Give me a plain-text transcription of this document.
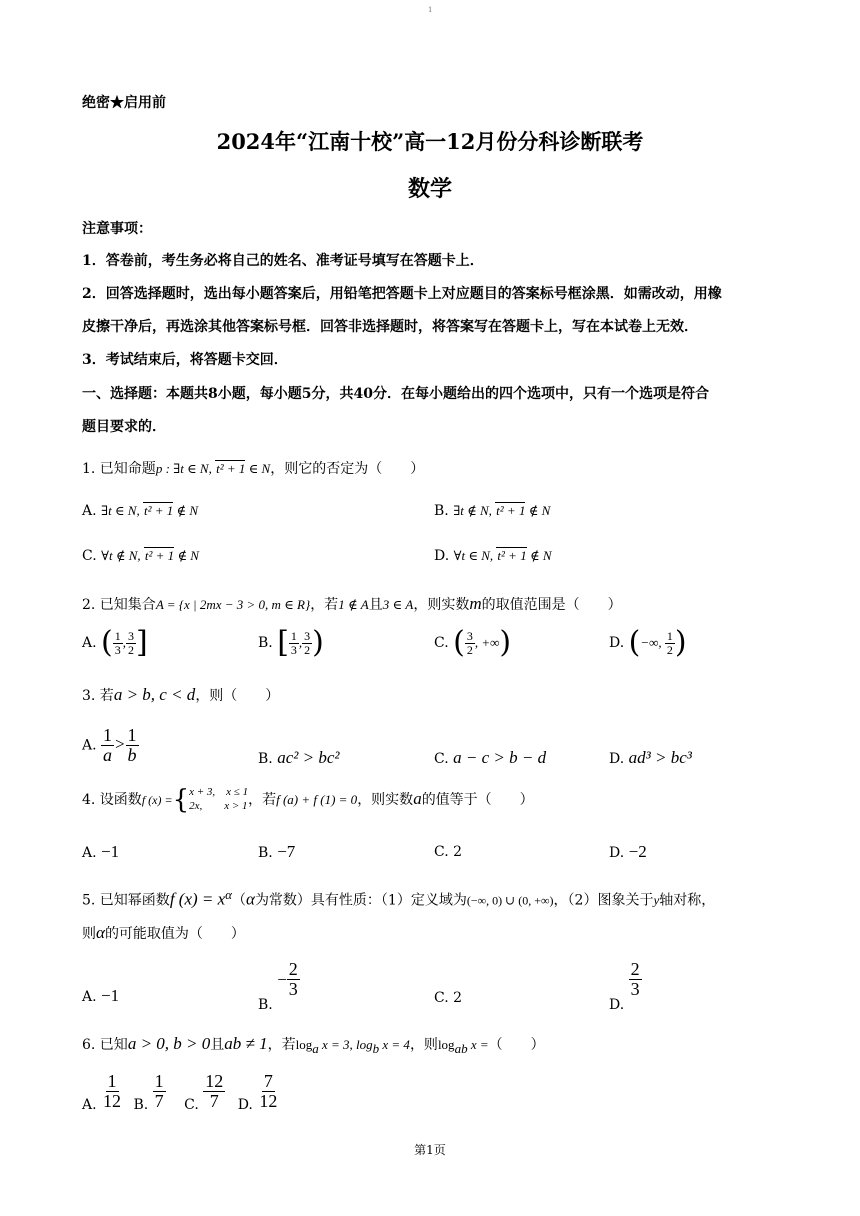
1
绝密★启用前
2024年“江南十校”高一12月份分科诊断联考
数学
注意事项：
1．答卷前，考生务必将自己的姓名、准考证号填写在答题卡上．
2．回答选择题时，选出每小题答案后，用铅笔把答题卡上对应题目的答案标号框涂黑．如需改动，用橡
皮擦干净后，再选涂其他答案标号框．回答非选择题时，将答案写在答题卡上，写在本试卷上无效．
3．考试结束后，将答题卡交回．
一、选择题：本题共8小题，每小题5分，共40分．在每小题给出的四个选项中，只有一个选项是符合
题目要求的．
1. 已知命题p : ∃t ∈ N, t² + 1 ∈ N，则它的否定为（　　）
A. ∃t ∈ N, t² + 1 ∉ N	B. ∃t ∉ N, t² + 1 ∉ N
C. ∀t ∉ N, t² + 1 ∉ N	D. ∀t ∈ N, t² + 1 ∉ N
2. 已知集合A = {x | 2mx − 3 > 0, m ∈ R}，若1 ∉ A且3 ∈ A，则实数m的取值范围是（　　）
A. ( $\frac{1}{3}$ , $\frac{3}{2}$ ]	B. [ $\frac{1}{3}$ , $\frac{3}{2}$ )	C. ( $\frac{3}{2}$ , +∞)	D. (−∞, $\frac{1}{2}$ )
3. 若a > b, c < d，则（　　）
A. $\frac{1}{a} > \frac{1}{b}$	B. ac² > bc²	C. a − c > b − d	D. ad³ > bc³
4. 设函数f (x) ={ x + 3,　x ≤ 1
2x,　　x > 1 ，若f (a) + f (1) = 0，则实数a的值等于（　　）
A. −1	B. −7	C. 2	D. −2
5. 已知幂函数f $(x) = x^\alpha(\alpha$为常数）具有性质：（1）定义域为(−∞, 0) ∪ (0, +∞)，（2）图象关于y轴对称，
则α的可能取值为（　　）
A. −1
B. − $\frac{2}{3}$	C. 2	D.
$\frac{2}{3}$
6. 已知a > 0, b > 0且ab ≠ 1，若$\log_a x = 3$, $\log_b x = 4$，则$\log_{ab} x$ =（　　）
A. $\frac{1}{12} B$. $\frac{1}{7} C$. $\frac{12}{7} D$. $\frac{7}{12}$
第1页
